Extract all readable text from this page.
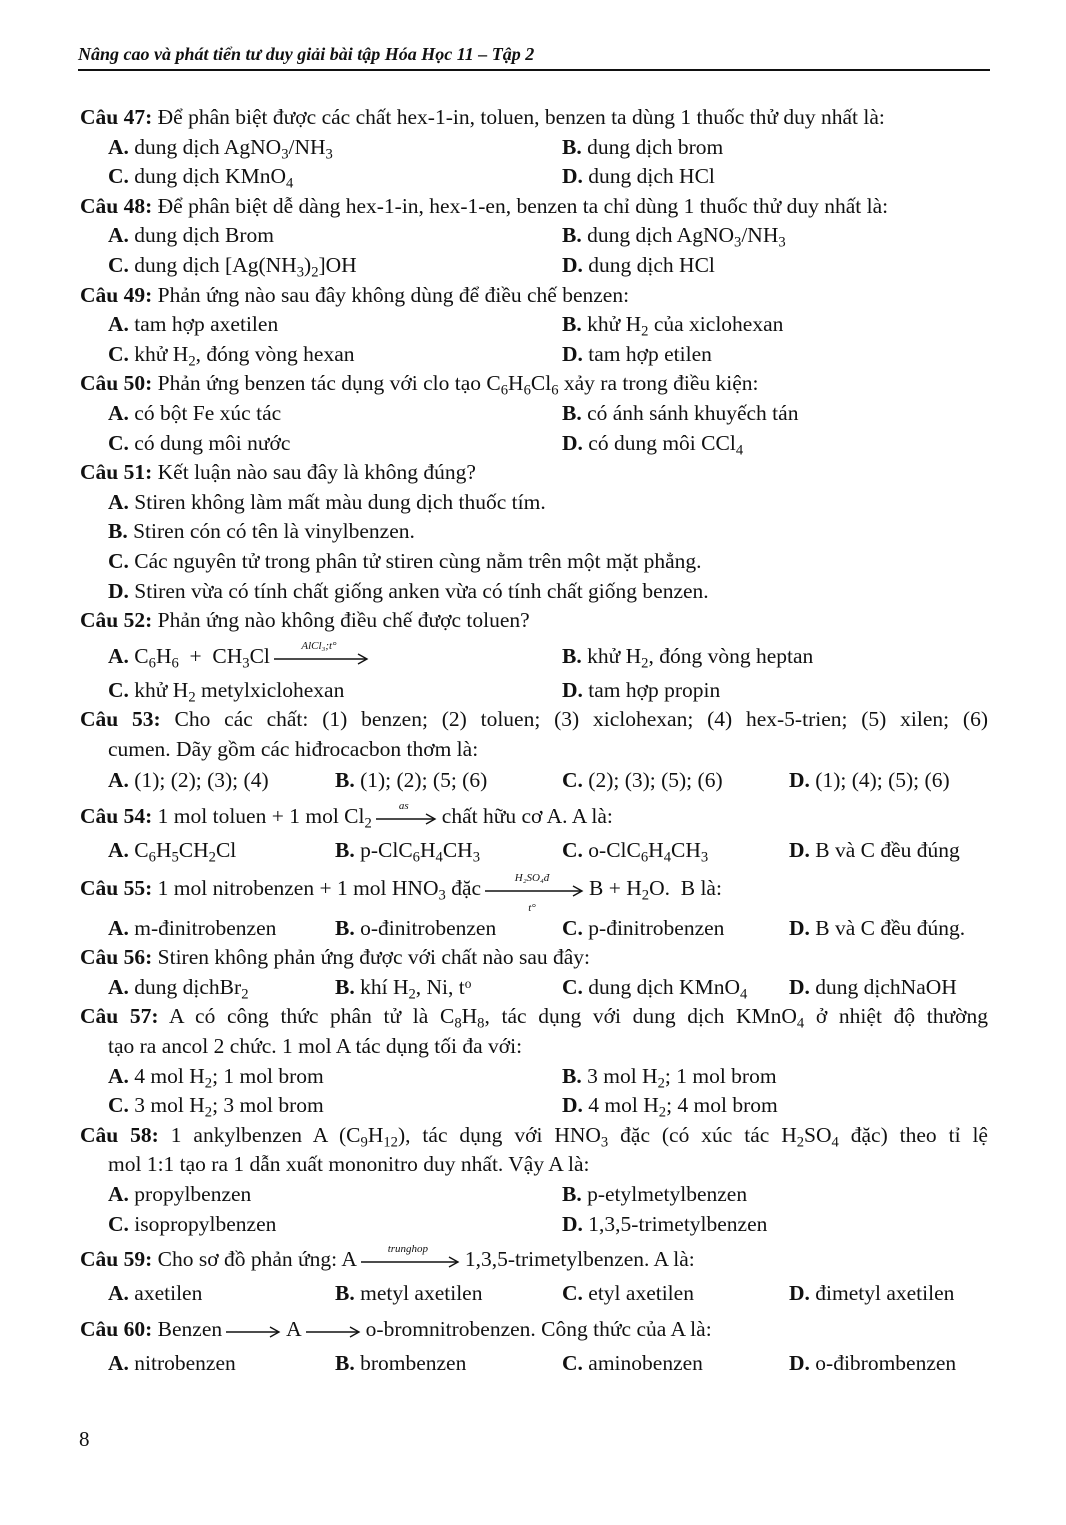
Nâng cao và phát tiển tư duy giải bài tập Hóa Học 11 – Tập 2
Câu 47: Để phân biệt được các chất hex-1-in, toluen, benzen ta dùng 1 thuốc thử duy nhất là:
A. dung dịch $AgNO_3/NH_3$	B. dung dịch brom
C. dung dịch KMnO$_4$	D. dung dịch HCl
Câu 48: Để phân biệt dễ dàng hex-1-in, hex-1-en, benzen ta chỉ dùng 1 thuốc thử duy nhất là:
A. dung dịch Brom	B. dung dịch $AgNO_3/NH_3$
C. dung dịch $[Ag(NH_3)_2]OH$	D. dung dịch HCl
Câu 49: Phản ứng nào sau đây không dùng để điều chế benzen:
A. tam hợp axetilen	B. khử $H_2$ của xiclohexan
C. khử $H_2$, đóng vòng hexan	D. tam hợp etilen
Câu 50: Phản ứng benzen tác dụng với clo tạo $C_6H_6Cl_6$ xảy ra trong điều kiện:
A. có bột Fe xúc tác	B. có ánh sánh khuyếch tán
C. có dung môi nước	D. có dung môi CCl$_4$
Câu 51: Kết luận nào sau đây là không đúng?
A. Stiren không làm mất màu dung dịch thuốc tím.
B. Stiren cón có tên là vinylbenzen.
C. Các nguyên tử trong phân tử stiren cùng nằm trên một mặt phẳng.
D. Stiren vừa có tính chất giống anken vừa có tính chất giống benzen.
Câu 52: Phản ứng nào không điều chế được toluen?
A. $C_6H_6 + CH_3Cl$	AlCl₃;t°	B. khử $H_2$, đóng vòng heptan
C. khử $H_2$ metylxiclohexan	D. tam hợp propin
Câu 53: Cho các chất: (1) benzen; (2) toluen; (3) xiclohexan; (4) hex-5-trien; (5) xilen; (6)
cumen. Dãy gồm các hiđrocacbon thơm là:
A. (1); (2); (3); (4)	B. (1); (2); (5; (6)	C. (2); (3); (5); (6)	D. (1); (4); (5); (6)
Câu 54: 1 mol toluen + 1 mol $Cl_2$
as	chất hữu cơ A. A là:
A. $C_6H_5CH_2Cl$	B. $p-ClC_6H_4CH_3$	C. $o-ClC_6H_4CH_3$	D. B và C đều đúng
Câu 55: 1 mol nitrobenzen + 1 mol $HNO_3$ đặc	H₂SO₄đ
t°
$B + H_2O$.  B là:
A. m-đinitrobenzen	B. o-đinitrobenzen	C. p-đinitrobenzen	D. B và C đều đúng.
Câu 56: Stiren không phản ứng được với chất nào sau đây:
A. dung dịchBr$_2$	B. khí $H_2$, Ni, $t^o$	C. dung dịch KMnO$_4$	D. dung dịchNaOH
Câu 57: A có công thức phân tử là $C_8H_8$, tác dụng với dung dịch KMnO$_4$ ở nhiệt độ thường
tạo ra ancol 2 chức. 1 mol A tác dụng tối đa với:
A. 4 mol $H_2$; 1 mol brom	B. 3 mol $H_2$; 1 mol brom
C. 3 mol $H_2$; 3 mol brom	D. 4 mol $H_2$; 4 mol brom
Câu 58: 1 ankylbenzen A $(C_9H_{12})$, tác dụng với $HNO_3$ đặc (có xúc tác $H_2SO_4$ đặc) theo tỉ lệ
mol 1:1 tạo ra 1 dẫn xuất mononitro duy nhất. Vậy A là:
A. propylbenzen	B. p-etylmetylbenzen
C. isopropylbenzen	D. 1,3,5-trimetylbenzen
Câu 59: Cho sơ đồ phản ứng: A	trunghop	1,3,5-trimetylbenzen. A là:
A. axetilen	B. metyl axetilen	C. etyl axetilen	D. đimetyl axetilen
Câu 60: Benzen → A → o-bromnitrobenzen. Công thức của A là:
A. nitrobenzen	B. brombenzen	C. aminobenzen	D. o-đibrombenzen
8
